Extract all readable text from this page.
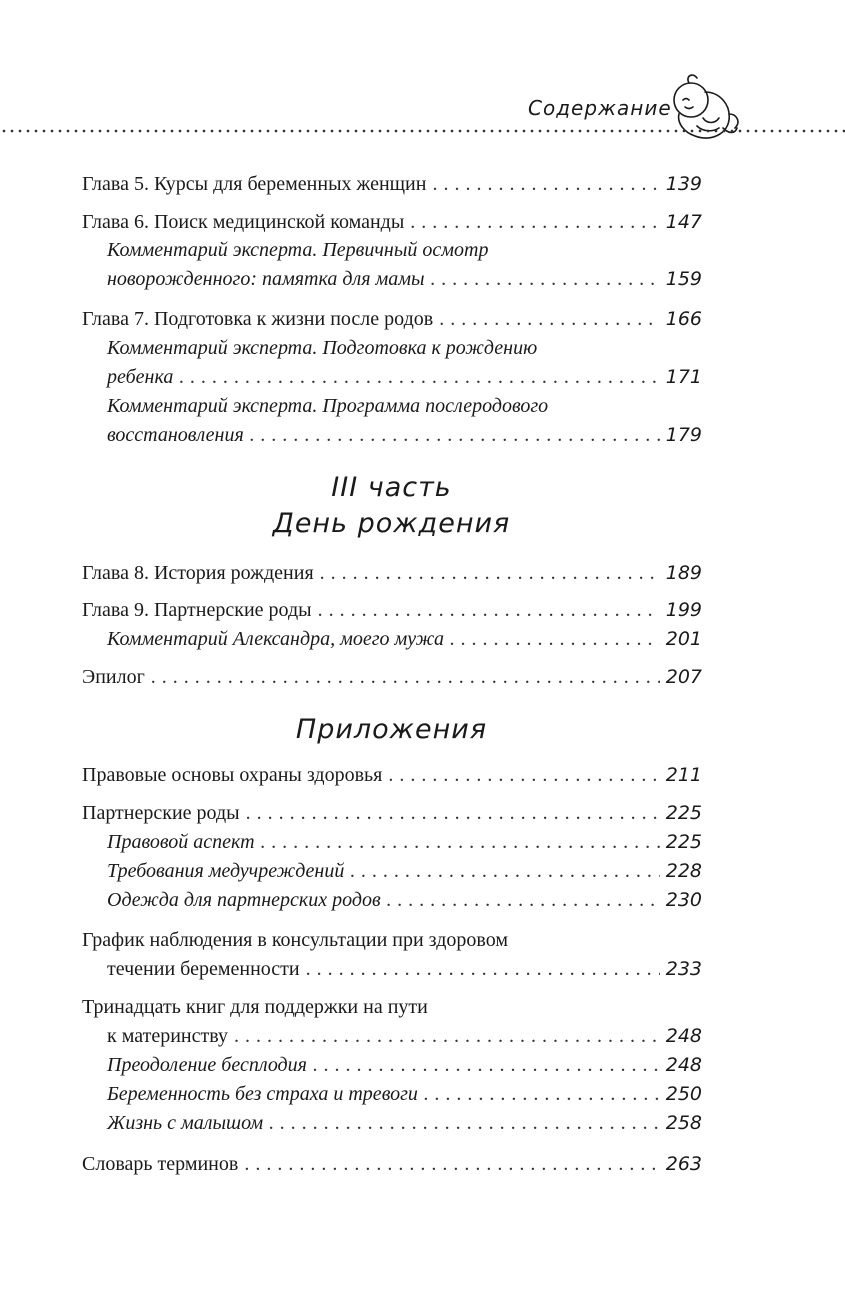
Содержание
Глава 5. Курсы для беременных женщин . . .	139
Глава 6. Поиск медицинской команды . . .	147
Комментарий эксперта. Первичный осмотр
новорожденного: памятка для мамы . . .	159
Глава 7. Подготовка к жизни после родов . . .	166
Комментарий эксперта. Подготовка к рождению
ребенка . . .	171
Комментарий эксперта. Программа послеродового
восстановления . . .	179
III часть
День рождения
Глава 8. История рождения . . .	189
Глава 9. Партнерские роды . . .	199
Комментарий Александра, моего мужа . . .	201
Эпилог . . .	207
Приложения
Правовые основы охраны здоровья . . .	211
Партнерские роды . . .	225
Правовой аспект . . .	225
Требования медучреждений . . .	228
Одежда для партнерских родов . . .	230
График наблюдения в консультации при здоровом
течении беременности . . .	233
Тринадцать книг для поддержки на пути
к материнству . . .	248
Преодоление бесплодия . . .	248
Беременность без страха и тревоги . . .	250
Жизнь с малышом . . .	258
Словарь терминов . . .	263
